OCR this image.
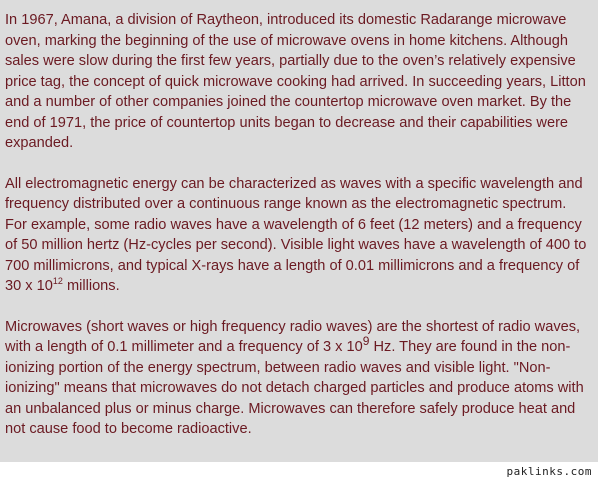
In 1967, Amana, a division of Raytheon, introduced its domestic Radarange microwave oven, marking the beginning of the use of microwave ovens in home kitchens. Although sales were slow during the first few years, partially due to the oven’s relatively expensive price tag, the concept of quick microwave cooking had arrived. In succeeding years, Litton and a number of other companies joined the countertop microwave oven market. By the end of 1971, the price of countertop units began to decrease and their capabilities were expanded.

All electromagnetic energy can be characterized as waves with a specific wavelength and frequency distributed over a continuous range known as the electromagnetic spectrum. For example, some radio waves have a wavelength of 6 feet (12 meters) and a frequency of 50 million hertz (Hz-cycles per second). Visible light waves have a wavelength of 400 to 700 millimicrons, and typical X-rays have a length of 0.01 millimicrons and a frequency of 30 x $10^{12}$ millions.

Microwaves (short waves or high frequency radio waves) are the shortest of radio waves, with a length of 0.1 millimeter and a frequency of 3 x $10^9$ Hz. They are found in the non-ionizing portion of the energy spectrum, between radio waves and visible light. "Non-ionizing" means that microwaves do not detach charged particles and produce atoms with an unbalanced plus or minus charge. Microwaves can therefore safely produce heat and not cause food to become radioactive.

paklinks.com
